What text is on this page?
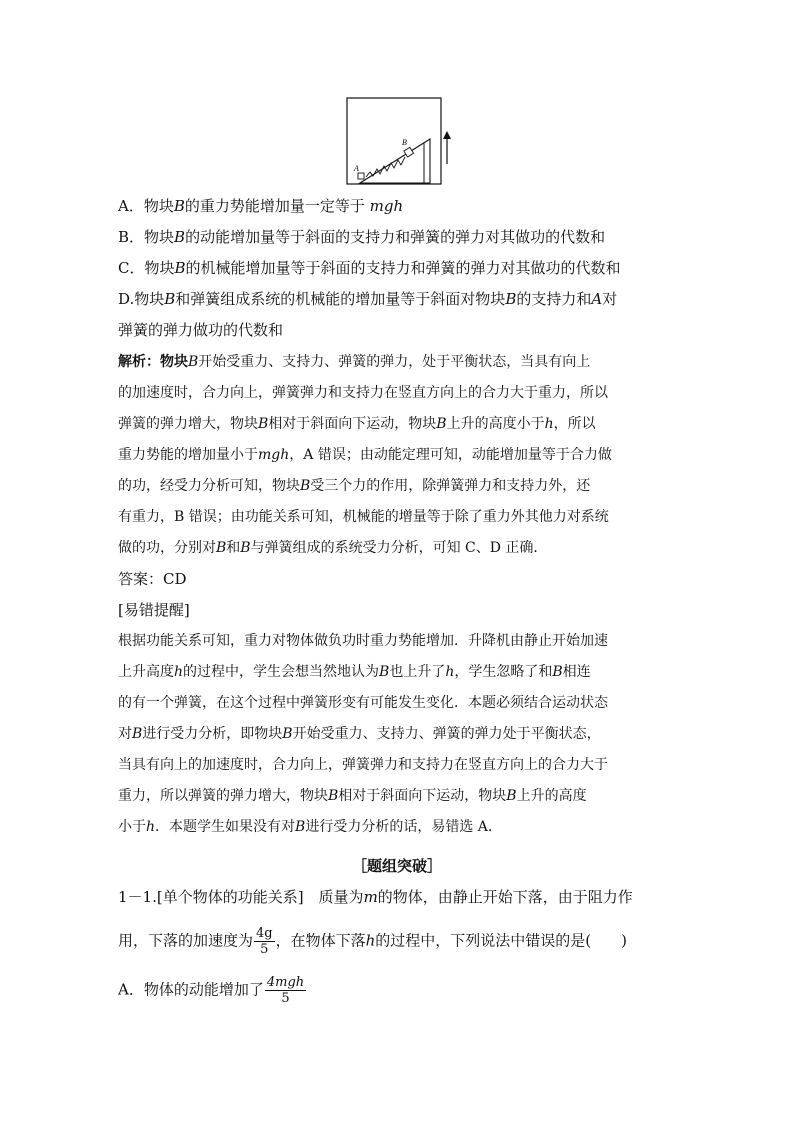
A
B
A．物块B的重力势能增加量一定等于 mgh
B．物块B的动能增加量等于斜面的支持力和弹簧的弹力对其做功的代数和
C．物块B的机械能增加量等于斜面的支持力和弹簧的弹力对其做功的代数和
D.物块B和弹簧组成系统的机械能的增加量等于斜面对物块B的支持力和A对
弹簧的弹力做功的代数和
解析：物块B开始受重力、支持力、弹簧的弹力，处于平衡状态，当具有向上
的加速度时，合力向上，弹簧弹力和支持力在竖直方向上的合力大于重力，所以
弹簧的弹力增大，物块B相对于斜面向下运动，物块B上升的高度小于h，所以
重力势能的增加量小于mgh，A 错误；由动能定理可知，动能增加量等于合力做
的功，经受力分析可知，物块B受三个力的作用，除弹簧弹力和支持力外，还
有重力，B 错误；由功能关系可知，机械能的增量等于除了重力外其他力对系统
做的功，分别对B和B与弹簧组成的系统受力分析，可知 C、D 正确．
答案：CD
[易错提醒]
根据功能关系可知，重力对物体做负功时重力势能增加．升降机由静止开始加速
上升高度h的过程中，学生会想当然地认为B也上升了h，学生忽略了和B相连
的有一个弹簧，在这个过程中弹簧形变有可能发生变化．本题必须结合运动状态
对B进行受力分析，即物块B开始受重力、支持力、弹簧的弹力处于平衡状态，
当具有向上的加速度时，合力向上，弹簧弹力和支持力在竖直方向上的合力大于
重力，所以弹簧的弹力增大，物块B相对于斜面向下运动，物块B上升的高度
小于h．本题学生如果没有对B进行受力分析的话，易错选 A.
［题组突破］
1－1.[单个物体的功能关系]　质量为m的物体，由静止开始下落，由于阻力作
用，下落的加速度为 $\frac{4g}{5}$ ，在物体下落h的过程中，下列说法中错误的是(　　)
A．物体的动能增加了 $\frac{\text{4mgh}}{5}$
